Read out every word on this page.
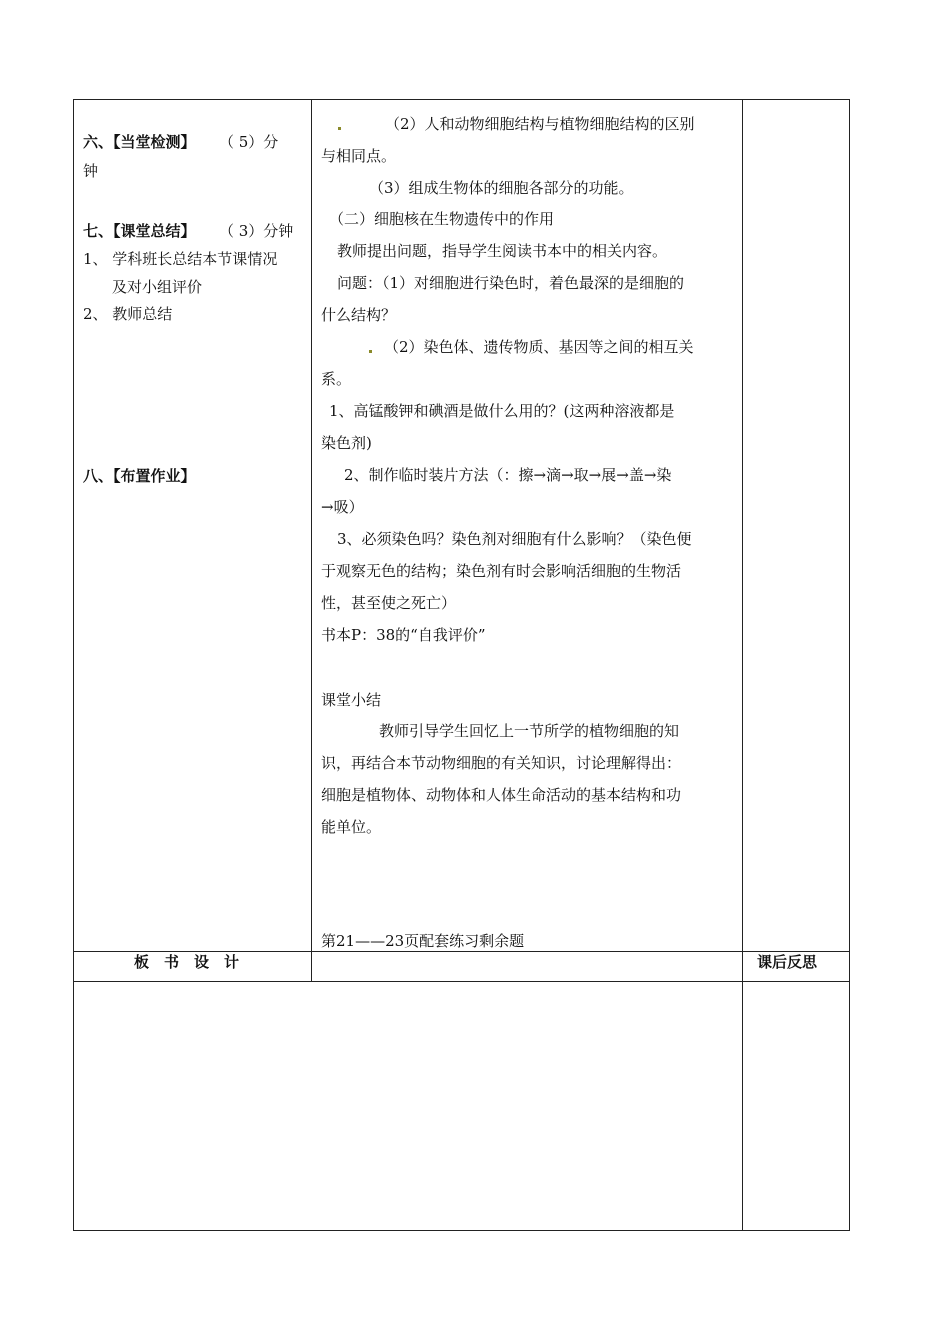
六、【当堂检测】 （ 5）分
钟
七、【课堂总结】 （ 3）分钟
1、 学科班长总结本节课情况
及对小组评价
2、 教师总结
八、【布置作业】
（2）人和动物细胞结构与植物细胞结构的区别
与相同点。
（3）组成生物体的细胞各部分的功能。
（二）细胞核在生物遗传中的作用
教师提出问题，指导学生阅读书本中的相关内容。
问题：（1）对细胞进行染色时，着色最深的是细胞的
什么结构？
（2）染色体、遗传物质、基因等之间的相互关
系。
1、高锰酸钾和碘酒是做什么用的？(这两种溶液都是
染色剂)
2、制作临时装片方法（：擦→滴→取→展→盖→染
→吸）
3、必须染色吗？染色剂对细胞有什么影响？（染色便
于观察无色的结构；染色剂有时会影响活细胞的生物活
性，甚至使之死亡）
书本P：38的“自我评价”
课堂小结
教师引导学生回忆上一节所学的植物细胞的知
识，再结合本节动物细胞的有关知识，讨论理解得出：
细胞是植物体、动物体和人体生命活动的基本结构和功
能单位。
第21——23页配套练习剩余题
板　书　设　计	课后反思
